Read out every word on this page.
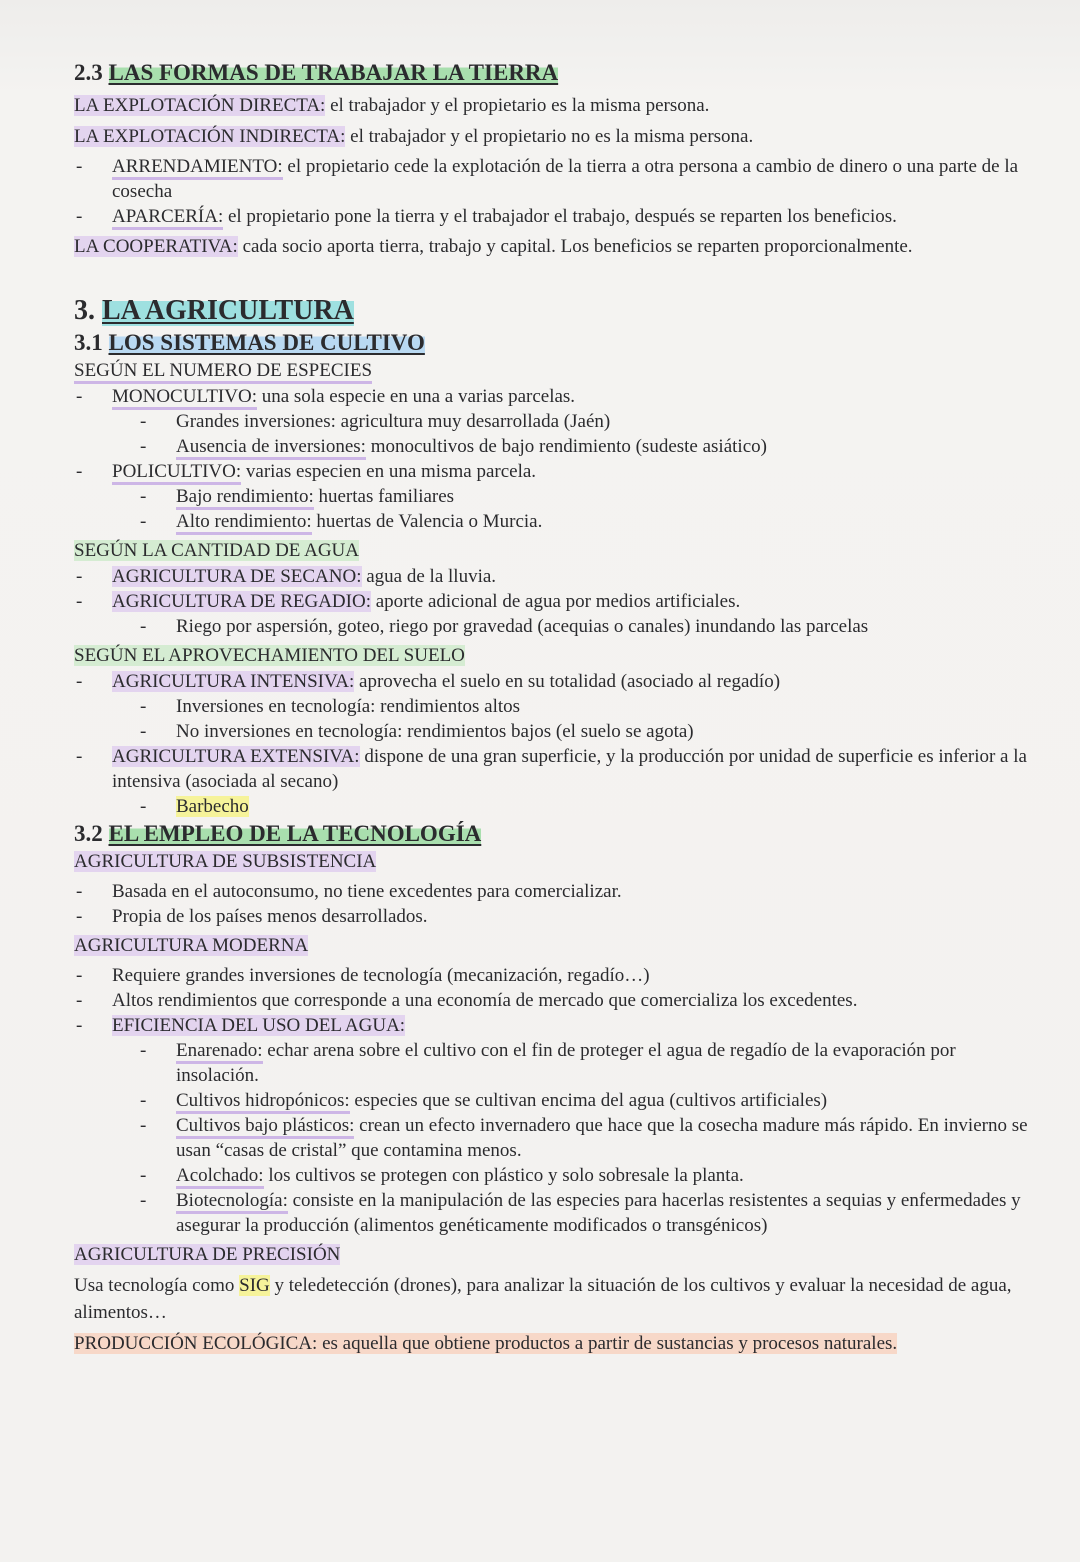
2.3 LAS FORMAS DE TRABAJAR LA TIERRA

LA EXPLOTACIÓN DIRECTA: el trabajador y el propietario es la misma persona.

LA EXPLOTACIÓN INDIRECTA: el trabajador y el propietario no es la misma persona.

-	ARRENDAMIENTO: el propietario cede la explotación de la tierra a otra persona a cambio de dinero o una parte de la cosecha
-	APARCERÍA: el propietario pone la tierra y el trabajador el trabajo, después se reparten los beneficios.

LA COOPERATIVA: cada socio aporta tierra, trabajo y capital. Los beneficios se reparten proporcionalmente.

3. LA AGRICULTURA
3.1 LOS SISTEMAS DE CULTIVO

SEGÚN EL NUMERO DE ESPECIES

-	MONOCULTIVO: una sola especie en una a varias parcelas.
-	Grandes inversiones: agricultura muy desarrollada (Jaén)
-	Ausencia de inversiones: monocultivos de bajo rendimiento (sudeste asiático)
-	POLICULTIVO: varias especien en una misma parcela.
-	Bajo rendimiento: huertas familiares
-	Alto rendimiento: huertas de Valencia o Murcia.

SEGÚN LA CANTIDAD DE AGUA

-	AGRICULTURA DE SECANO: agua de la lluvia.
-	AGRICULTURA DE REGADIO: aporte adicional de agua por medios artificiales.
-	Riego por aspersión, goteo, riego por gravedad (acequias o canales) inundando las parcelas

SEGÚN EL APROVECHAMIENTO DEL SUELO

-	AGRICULTURA INTENSIVA: aprovecha el suelo en su totalidad (asociado al regadío)
-	Inversiones en tecnología: rendimientos altos
-	No inversiones en tecnología: rendimientos bajos (el suelo se agota)
-	AGRICULTURA EXTENSIVA: dispone de una gran superficie, y la producción por unidad de superficie es inferior a la intensiva (asociada al secano)
-	Barbecho
3.2 EL EMPLEO DE LA TECNOLOGÍA

AGRICULTURA DE SUBSISTENCIA

-	Basada en el autoconsumo, no tiene excedentes para comercializar.
-	Propia de los países menos desarrollados.

AGRICULTURA MODERNA

-	Requiere grandes inversiones de tecnología (mecanización, regadío…)
-	Altos rendimientos que corresponde a una economía de mercado que comercializa los excedentes.
-	EFICIENCIA DEL USO DEL AGUA:
-	Enarenado: echar arena sobre el cultivo con el fin de proteger el agua de regadío de la evaporación por insolación.
-	Cultivos hidropónicos: especies que se cultivan encima del agua (cultivos artificiales)
-	Cultivos bajo plásticos: crean un efecto invernadero que hace que la cosecha madure más rápido. En invierno se usan “casas de cristal” que contamina menos.
-	Acolchado: los cultivos se protegen con plástico y solo sobresale la planta.
-	Biotecnología: consiste en la manipulación de las especies para hacerlas resistentes a sequias y enfermedades y asegurar la producción (alimentos genéticamente modificados o transgénicos)

AGRICULTURA DE PRECISIÓN

Usa tecnología como SIG y teledetección (drones), para analizar la situación de los cultivos y evaluar la necesidad de agua, alimentos…

PRODUCCIÓN ECOLÓGICA: es aquella que obtiene productos a partir de sustancias y procesos naturales.
